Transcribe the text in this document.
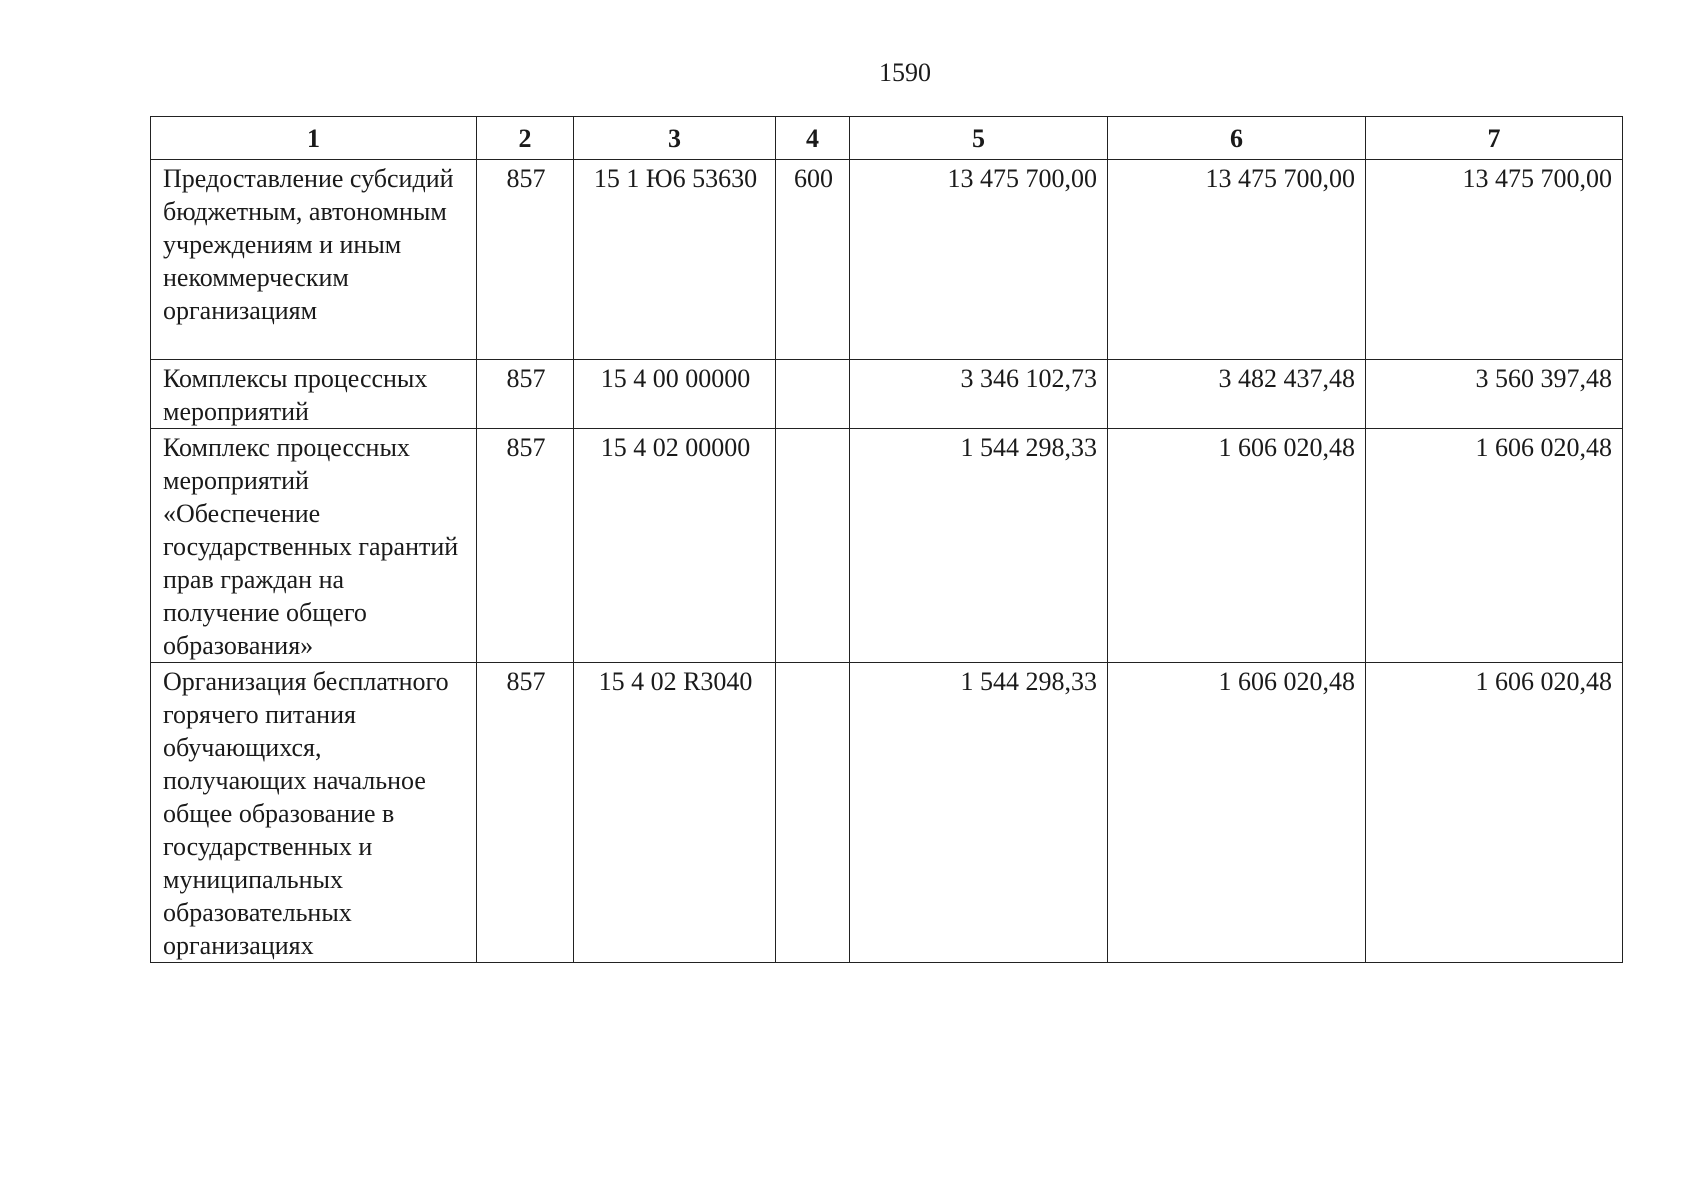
1590
1	2	3	4	5	6	7
Предоставление субсидий бюджетным, автономным учреждениям и иным некоммерческим организациям	857	15 1 Ю6 53630	600	13 475 700,00	13 475 700,00	13 475 700,00
Комплексы процессных мероприятий	857	15 4 00 00000		3 346 102,73	3 482 437,48	3 560 397,48
Комплекс процессных мероприятий «Обеспечение государственных гарантий прав граждан на получение общего образования»	857	15 4 02 00000		1 544 298,33	1 606 020,48	1 606 020,48
Организация бесплатного горячего питания обучающихся, получающих начальное общее образование в государственных и муниципальных образовательных организациях	857	15 4 02 R3040		1 544 298,33	1 606 020,48	1 606 020,48
